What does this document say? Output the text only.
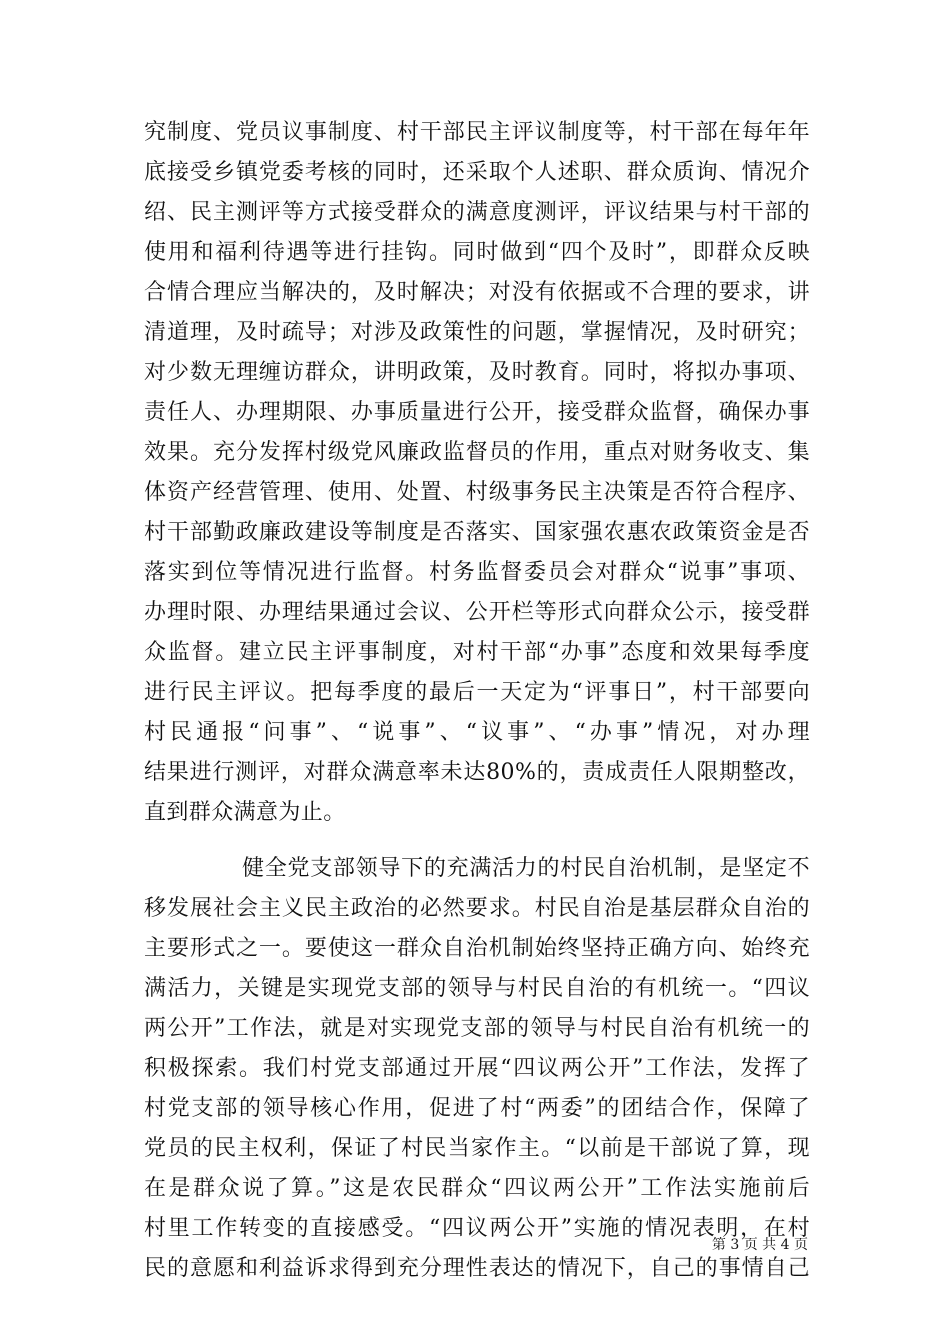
究制度、党员议事制度、村干部民主评议制度等，村干部在每年年
底接受乡镇党委考核的同时，还采取个人述职、群众质询、情况介
绍、民主测评等方式接受群众的满意度测评，评议结果与村干部的
使用和福利待遇等进行挂钩。同时做到“四个及时”，即群众反映
合情合理应当解决的，及时解决；对没有依据或不合理的要求，讲
清道理，及时疏导；对涉及政策性的问题，掌握情况，及时研究；
对少数无理缠访群众，讲明政策，及时教育。同时，将拟办事项、
责任人、办理期限、办事质量进行公开，接受群众监督，确保办事
效果。充分发挥村级党风廉政监督员的作用，重点对财务收支、集
体资产经营管理、使用、处置、村级事务民主决策是否符合程序、
村干部勤政廉政建设等制度是否落实、国家强农惠农政策资金是否
落实到位等情况进行监督。村务监督委员会对群众“说事”事项、
办理时限、办理结果通过会议、公开栏等形式向群众公示，接受群
众监督。建立民主评事制度，对村干部“办事”态度和效果每季度
进行民主评议。把每季度的最后一天定为“评事日”，村干部要向
村民通报“问事”、“说事”、“议事”、“办事”情况，对办理
结果进行测评，对群众满意率未达80%的，责成责任人限期整改，
直到群众满意为止。
健全党支部领导下的充满活力的村民自治机制，是坚定不
移发展社会主义民主政治的必然要求。村民自治是基层群众自治的
主要形式之一。要使这一群众自治机制始终坚持正确方向、始终充
满活力，关键是实现党支部的领导与村民自治的有机统一。“四议
两公开”工作法，就是对实现党支部的领导与村民自治有机统一的
积极探索。我们村党支部通过开展“四议两公开”工作法，发挥了
村党支部的领导核心作用，促进了村“两委”的团结合作，保障了
党员的民主权利，保证了村民当家作主。“以前是干部说了算，现
在是群众说了算。”这是农民群众“四议两公开”工作法实施前后
村里工作转变的直接感受。“四议两公开”实施的情况表明，在村
民的意愿和利益诉求得到充分理性表达的情况下，自己的事情自己
第 3 页 共 4 页
